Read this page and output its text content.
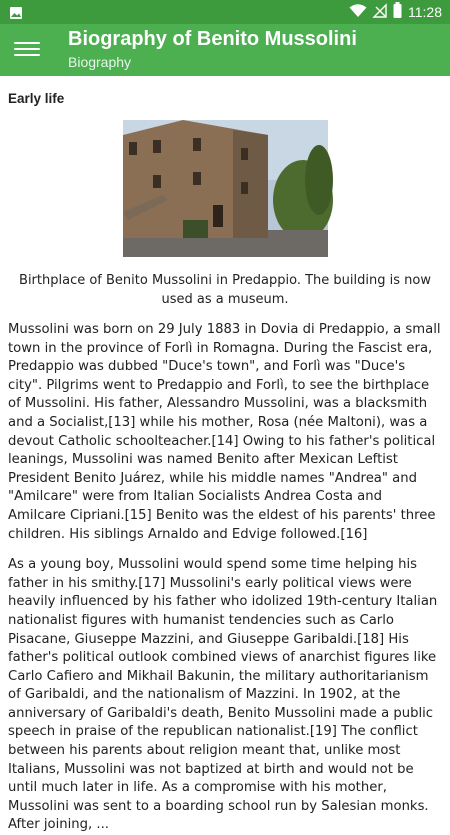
11:28
Biography of Benito Mussolini
Biography
Early life
Birthplace of Benito Mussolini in Predappio. The building is now used as a museum.

Mussolini was born on 29 July 1883 in Dovia di Predappio, a small town in the province of Forlì in Romagna. During the Fascist era, Predappio was dubbed "Duce's town", and Forlì was "Duce's city". Pilgrims went to Predappio and Forlì, to see the birthplace of Mussolini. His father, Alessandro Mussolini, was a blacksmith and a Socialist,[13] while his mother, Rosa (née Maltoni), was a devout Catholic schoolteacher.[14] Owing to his father's political leanings, Mussolini was named Benito after Mexican Leftist President Benito Juárez, while his middle names "Andrea" and "Amilcare" were from Italian Socialists Andrea Costa and Amilcare Cipriani.[15] Benito was the eldest of his parents' three children. His siblings Arnaldo and Edvige followed.[16]

As a young boy, Mussolini would spend some time helping his father in his smithy.[17] Mussolini's early political views were heavily influenced by his father who idolized 19th-century Italian nationalist figures with humanist tendencies such as Carlo Pisacane, Giuseppe Mazzini, and Giuseppe Garibaldi.[18] His father's political outlook combined views of anarchist figures like Carlo Cafiero and Mikhail Bakunin, the military authoritarianism of Garibaldi, and the nationalism of Mazzini. In 1902, at the anniversary of Garibaldi's death, Benito Mussolini made a public speech in praise of the republican nationalist.[19] The conflict between his parents about religion meant that, unlike most Italians, Mussolini was not baptized at birth and would not be until much later in life. As a compromise with his mother, Mussolini was sent to a boarding school run by Salesian monks. After joining, ...
